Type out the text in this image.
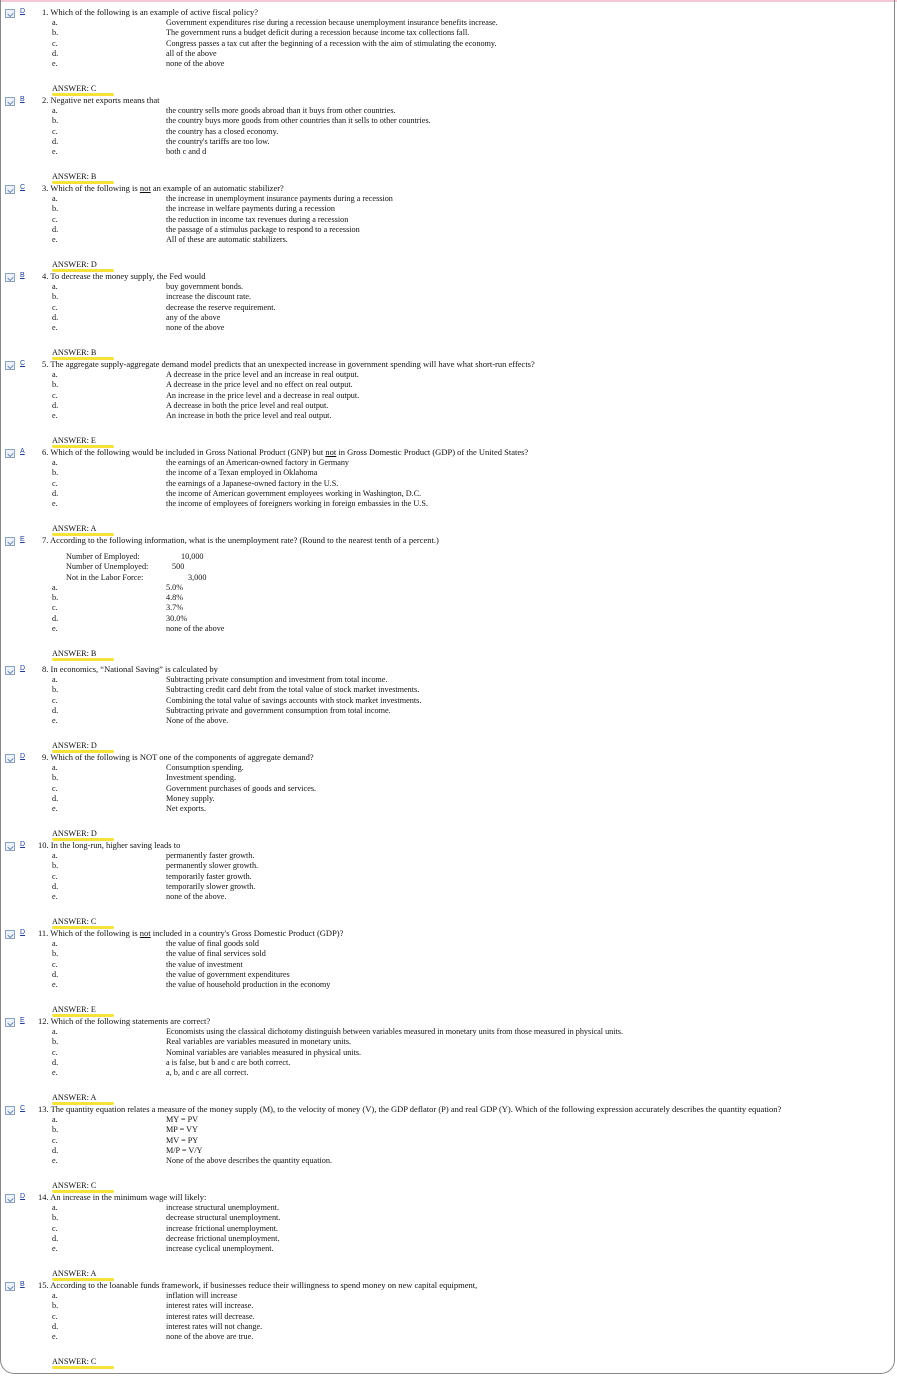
D 1. Which of the following is an example of active fiscal policy?
a.	Government expenditures rise during a recession because unemployment insurance benefits increase.
b.	The government runs a budget deficit during a recession because income tax collections fall.
c.	Congress passes a tax cut after the beginning of a recession with the aim of stimulating the economy.
d.	all of the above
e.	none of the above
ANSWER: C
B 2. Negative net exports means that
a.	the country sells more goods abroad than it buys from other countries.
b.	the country buys more goods from other countries than it sells to other countries.
c.	the country has a closed economy.
d.	the country's tariffs are too low.
e.	both c and d
ANSWER: B
C 3. Which of the following is not an example of an automatic stabilizer?
a.	the increase in unemployment insurance payments during a recession
b.	the increase in welfare payments during a recession
c.	the reduction in income tax revenues during a recession
d.	the passage of a stimulus package to respond to a recession
e.	All of these are automatic stabilizers.
ANSWER: D
B 4. To decrease the money supply, the Fed would
a.	buy government bonds.
b.	increase the discount rate.
c.	decrease the reserve requirement.
d.	any of the above
e.	none of the above
ANSWER: B
C 5. The aggregate supply-aggregate demand model predicts that an unexpected increase in government spending will have what short-run effects?
a.	A decrease in the price level and an increase in real output.
b.	A decrease in the price level and no effect on real output.
c.	An increase in the price level and a decrease in real output.
d.	A decrease in both the price level and real output.
e.	An increase in both the price level and real output.
ANSWER: E
A 6. Which of the following would be included in Gross National Product (GNP) but not in Gross Domestic Product (GDP) of the United States?
a.	the earnings of an American-owned factory in Germany
b.	the income of a Texan employed in Oklahoma
c.	the earnings of a Japanese-owned factory in the U.S.
d.	the income of American government employees working in Washington, D.C.
e.	the income of employees of foreigners working in foreign embassies in the U.S.
ANSWER: A
E 7. According to the following information, what is the unemployment rate? (Round to the nearest tenth of a percent.)
Number of Employed:	10,000
Number of Unemployed:	500
Not in the Labor Force:	3,000
a.	5.0%
b.	4.8%
c.	3.7%
d.	30.0%
e.	none of the above
ANSWER: B
D 8. In economics, “National Saving” is calculated by
a.	Subtracting private consumption and investment from total income.
b.	Subtracting credit card debt from the total value of stock market investments.
c.	Combining the total value of savings accounts with stock market investments.
d.	Subtracting private and government consumption from total income.
e.	None of the above.
ANSWER: D
D 9. Which of the following is NOT one of the components of aggregate demand?
a.	Consumption spending.
b.	Investment spending.
c.	Government purchases of goods and services.
d.	Money supply.
e.	Net exports.
ANSWER: D
D 10. In the long-run, higher saving leads to
a.	permanently faster growth.
b.	permanently slower growth.
c.	temporarily faster growth.
d.	temporarily slower growth.
e.	none of the above.
ANSWER: C
D 11. Which of the following is not included in a country's Gross Domestic Product (GDP)?
a.	the value of final goods sold
b.	the value of final services sold
c.	the value of investment
d.	the value of government expenditures
e.	the value of household production in the economy
ANSWER: E
E 12. Which of the following statements are correct?
a.	Economists using the classical dichotomy distinguish between variables measured in monetary units from those measured in physical units.
b.	Real variables are variables measured in monetary units.
c.	Nominal variables are variables measured in physical units.
d.	a is false, but b and c are both correct.
e.	a, b, and c are all correct.
ANSWER: A
C 13. The quantity equation relates a measure of the money supply (M), to the velocity of money (V), the GDP deflator (P) and real GDP (Y). Which of the following expression accurately describes the quantity equation?
a.	MY = PV
b.	MP = VY
c.	MV = PY
d.	M/P = V/Y
e.	None of the above describes the quantity equation.
ANSWER: C
D 14. An increase in the minimum wage will likely:
a.	increase structural unemployment.
b.	decrease structural unemployment.
c.	increase frictional unemployment.
d.	decrease frictional unemployment.
e.	increase cyclical unemployment.
ANSWER: A
B 15. According to the loanable funds framework, if businesses reduce their willingness to spend money on new capital equipment,
a.	inflation will increase
b.	interest rates will increase.
c.	interest rates will decrease.
d.	interest rates will not change.
e.	none of the above are true.
ANSWER: C
